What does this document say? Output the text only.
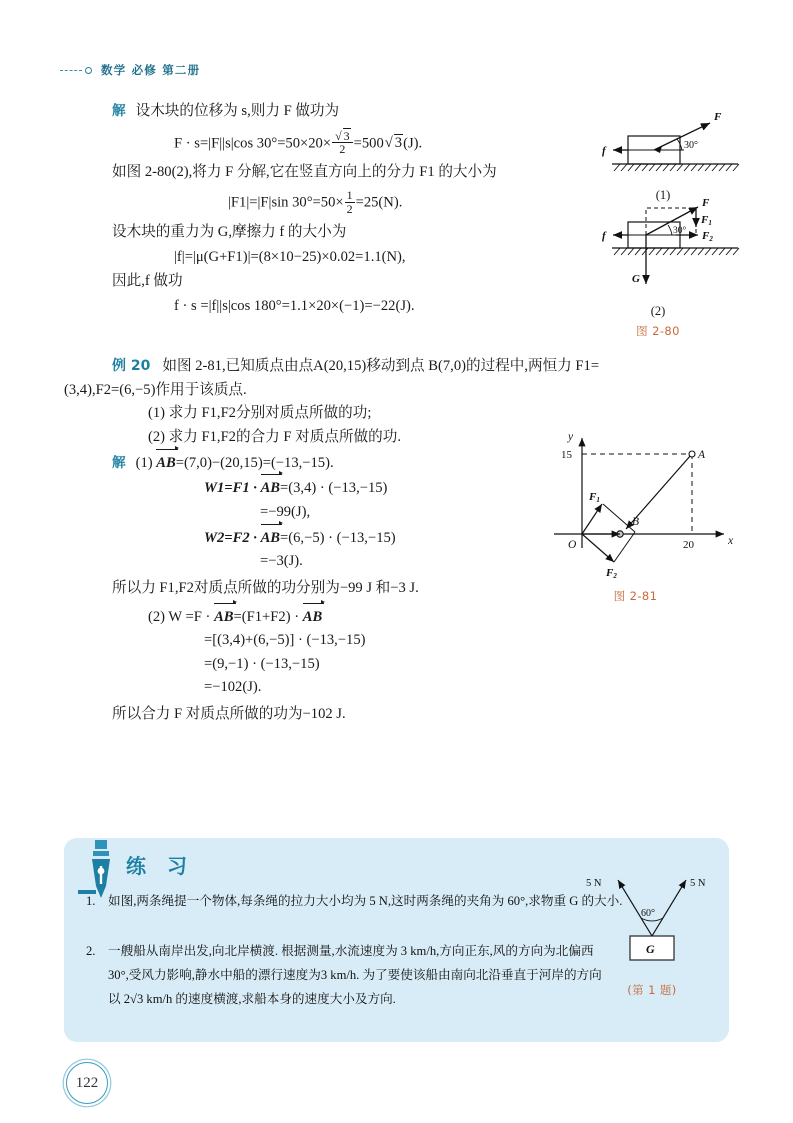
数学 必修 第二册
解 设木块的位移为 s,则力 F 做功为
F · s=|F||s|cos $30^\circ=50\times 20\times \frac{√ 3}{2} =500√$ 3(J).
如图 2-80(2),将力 F 分解,它在竖直方向上的分力 F1 的大小为
|F1|=|F|sin $30^\circ=50\times \frac{1}{2} =25(N)$.
设木块的重力为 G,摩擦力 f 的大小为
|f|=|μ(G+F1)|=(8×10−25)×0.02=1.1(N),
因此,f 做功
f · s =|f||s|cos 180°=1.1×20×(−1)=−22(J).
例 20 如图 2-81,已知质点由点A(20,15)移动到点 B(7,0)的过程中,两恒力 F1=
(3,4),F2=(6,−5)作用于该质点.
(1) 求力 F1,F2分别对质点所做的功;
(2) 求力 F1,F2的合力 F 对质点所做的功.
解 (1) AB=(7,0)−(20,15)=(−13,−15).
W1=F1 · AB=(3,4) · (−13,−15)
=−99(J),
W2=F2 · AB=(6,−5) · (−13,−15)
=−3(J).
所以力 F1,F2对质点所做的功分别为−99 J 和−3 J.
(2) W =F · AB=(F1+F2) · AB
=[(3,4)+(6,−5)] · (−13,−15)
=(9,−1) · (−13,−15)
=−102(J).
所以合力 F 对质点所做的功为−102 J.
F
f	30°
(1)
F
F1
F2
f
G
30°
(2)
图 2-80
y
x
O
15
20
A
B
F1
F2
图 2-81
练 习
1. 如图,两条绳提一个物体,每条绳的拉力大小均为 5 N,这时两条绳的夹角为 60°,求物重 G 的大小.
2. 一艘船从南岸出发,向北岸横渡. 根据测量,水流速度为 3 km/h,方向正东,风的方向为北偏西 30°,受风力影响,静水中船的漂行速度为3 km/h. 为了要使该船由南向北沿垂直于河岸的方向以 2√3 km/h 的速度横渡,求船本身的速度大小及方向.
G
60°
5 N	5 N
(第 1 题)
122
